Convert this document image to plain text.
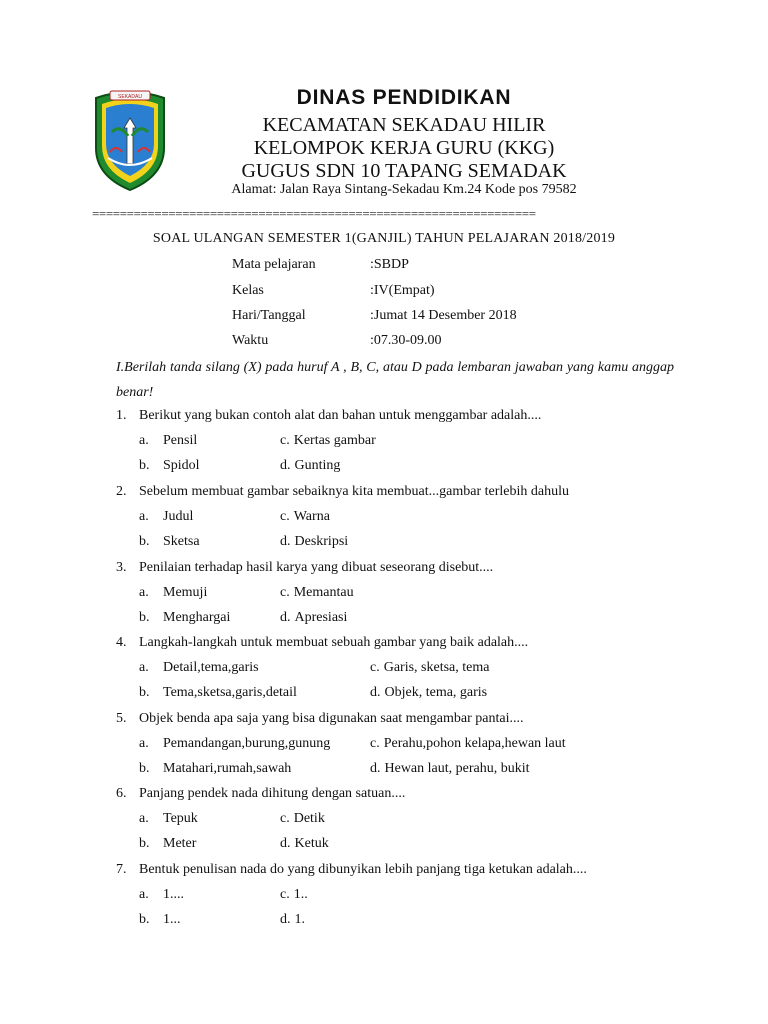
SEKADAU	DINAS PENDIDIKAN
KECAMATAN SEKADAU HILIR
KELOMPOK KERJA GURU (KKG)
GUGUS SDN 10 TAPANG SEMADAK
Alamat: Jalan Raya Sintang-Sekadau Km.24 Kode pos 79582
================================================================
SOAL ULANGAN SEMESTER 1(GANJIL) TAHUN PELAJARAN 2018/2019
Mata pelajaran	:SBDP
Kelas	:IV(Empat)
Hari/Tanggal	:Jumat 14 Desember 2018
Waktu	:07.30-09.00
I.Berilah tanda silang (X) pada huruf A , B, C, atau D pada lembaran jawaban yang kamu anggap benar!
1. Berikut yang bukan contoh alat dan bahan untuk menggambar adalah....
a. Pensil	c. Kertas gambar
b. Spidol	d. Gunting
2. Sebelum membuat gambar sebaiknya kita membuat...gambar terlebih dahulu
a. Judul	c. Warna
b. Sketsa	d. Deskripsi
3. Penilaian terhadap hasil karya yang dibuat seseorang disebut....
a. Memuji	c. Memantau
b. Menghargai	d. Apresiasi
4. Langkah-langkah untuk membuat sebuah gambar yang baik adalah....
a. Detail,tema,garis	c. Garis, sketsa, tema
b. Tema,sketsa,garis,detail	d. Objek, tema, garis
5. Objek benda apa saja yang bisa digunakan saat mengambar pantai....
a. Pemandangan,burung,gunung	c. Perahu,pohon kelapa,hewan laut
b. Matahari,rumah,sawah	d. Hewan laut, perahu, bukit
6. Panjang pendek nada dihitung dengan satuan....
a. Tepuk	c. Detik
b. Meter	d. Ketuk
7. Bentuk penulisan nada do yang dibunyikan lebih panjang tiga ketukan adalah....
a. 1....	c. 1..
b. 1...	d. 1.
